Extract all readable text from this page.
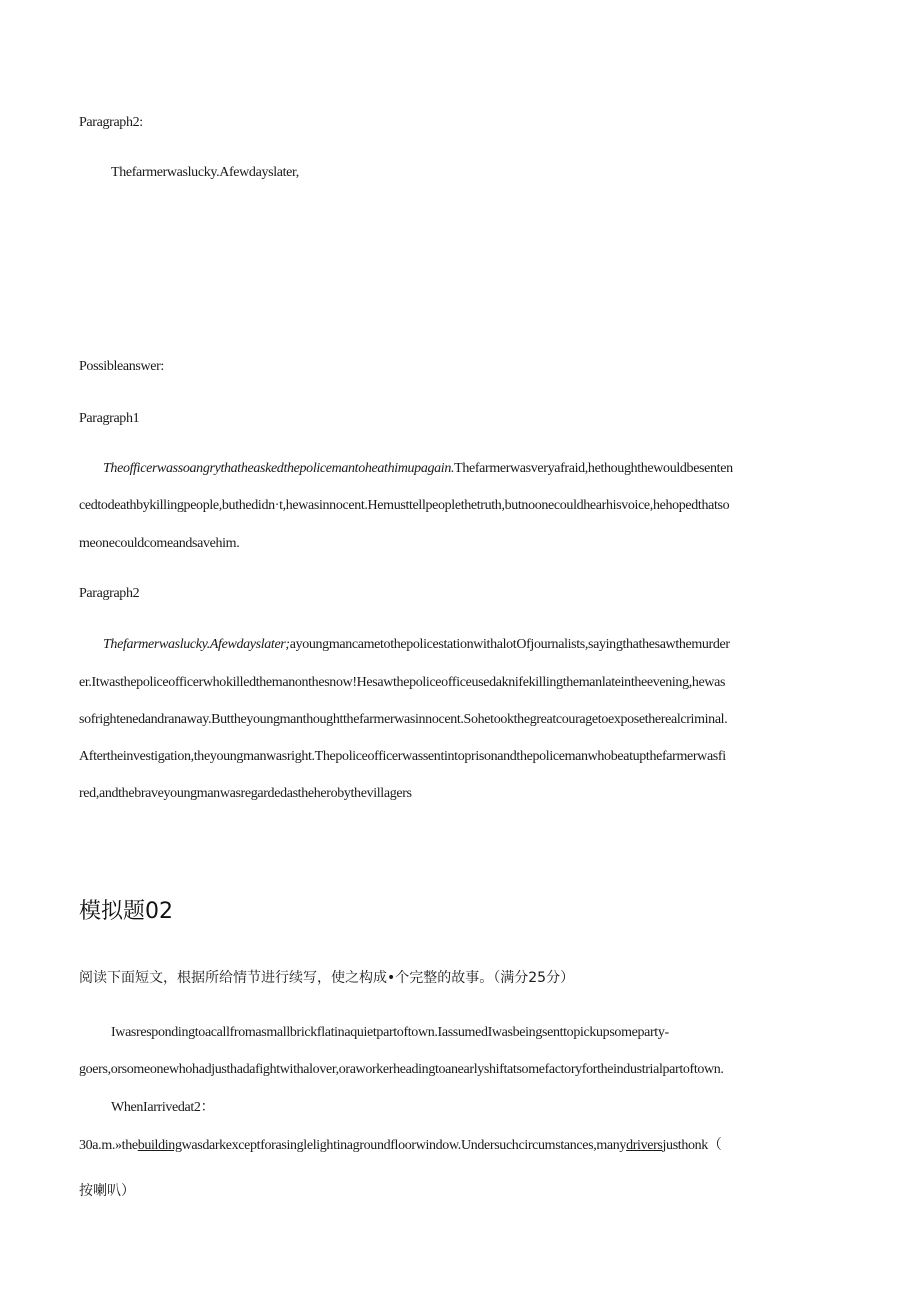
Paragraph2:
Thefarmerwaslucky.Afewdayslater,
Possibleanswer:
Paragraph1
Theofficerwassoangrythatheaskedthepolicemantoheathimupagain.Thefarmerwasveryafraid,hethoughthewouldbesenten
cedtodeathbykillingpeople,buthedidn·t,hewasinnocent.Hemusttellpeoplethetruth,butnoonecouldhearhisvoice,hehopedthatso
meonecouldcomeandsavehim.
Paragraph2
Thefarmerwaslucky.Afewdayslater;ayoungmancametothepolicestationwithalotOfjournalists,sayingthathesawthemurder
er.Itwasthepoliceofficerwhokilledthemanonthesnow!Hesawthepoliceofficeusedaknifekillingthemanlateintheevening,hewas
sofrightenedandranaway.Buttheyoungmanthoughtthefarmerwasinnocent.Sohetookthegreatcouragetoexposetherealcriminal.
Aftertheinvestigation,theyoungmanwasright.Thepoliceofficerwassentintoprisonandthepolicemanwhobeatupthefarmerwasfi
red,andthebraveyoungmanwasregardedastheherobythevillagers
模拟题02
阅读下面短文，根据所给情节进行续写，使之构成•个完整的故事。（满分25分）
Iwasrespondingtoacallfromasmallbrickflatinaquietpartoftown.IassumedIwasbeingsenttopickupsomeparty-
goers,orsomeonewhohadjusthadafightwithalover,oraworkerheadingtoanearlyshiftatsomefactoryfortheindustrialpartoftown.
WhenIarrivedat2：
30a.m.»thebuildingwasdarkexceptforasinglelightinagroundfloorwindow.Undersuchcircumstances,manydriversjusthonk（
按喇叭）
